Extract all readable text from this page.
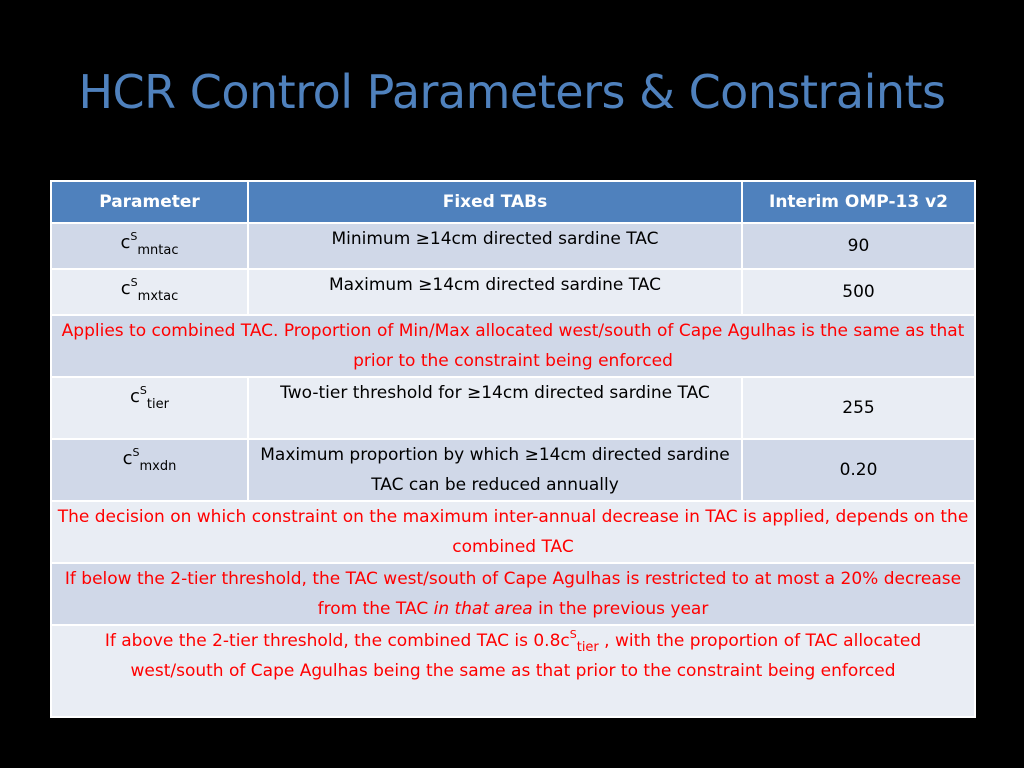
HCR Control Parameters & Constraints
Parameter	Fixed TABs	Interim OMP-13 v2
$c^S_{mntac}$	Minimum ≥14cm directed sardine TAC	90
$c^S_{mxtac}$	Maximum ≥14cm directed sardine TAC	500
Applies to combined TAC. Proportion of Min/Max allocated west/south of Cape Agulhas is the same as that prior to the constraint being enforced		
$c^S_{tier}$	Two-tier threshold for ≥14cm directed sardine TAC	255
$c^S_{mxdn}$	Maximum proportion by which ≥14cm directed sardine TAC can be reduced annually	0.20
The decision on which constraint on the maximum inter-annual decrease in TAC is applied, depends on the combined TAC		
If below the 2-tier threshold, the TAC west/south of Cape Agulhas is restricted to at most a 20% decrease from the TAC in that area in the previous year		
If above the 2-tier threshold, the combined TAC is $0.8c^S_{tier}$ , with the proportion of TAC allocated west/south of Cape Agulhas being the same as that prior to the constraint being enforced		
